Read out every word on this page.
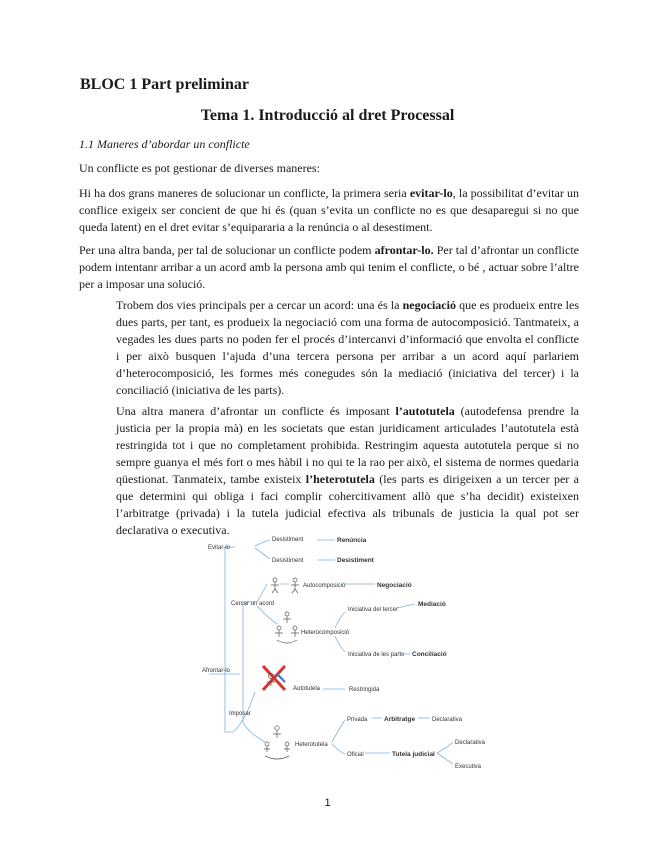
BLOC 1 Part preliminar
Tema 1. Introducció al dret Processal
1.1 Maneres d’abordar un conflicte
Un conflicte es pot gestionar de diverses maneres:
Hi ha dos grans maneres de solucionar un conflicte, la primera seria evitar-lo, la possibilitat d’evitar un conflice exigeix ser concient de que hi és (quan s’evita un conflicte no es que desaparegui si no que queda latent) en el dret evitar s’equipararia a la renúncia o al desestiment.
Per una altra banda, per tal de solucionar un conflicte podem afrontar-lo. Per tal d’afrontar un conflicte podem intentanr arribar a un acord amb la persona amb qui tenim el conflicte, o bé , actuar sobre l’altre per a imposar una solució.
Trobem dos vies principals per a cercar un acord: una és la negociació que es produeix entre les dues parts, per tant, es produeix la negociació com una forma de autocomposició. Tantmateix, a vegades les dues parts no poden fer el procés d’intercanvi d’informació que envolta el conflicte i per això busquen l’ajuda d’una tercera persona per arribar a un acord aquí parlariem d’heterocomposició, les formes més conegudes són la mediació (iniciativa del tercer) i la conciliació (iniciativa de les parts).
Una altra manera d’afrontar un conflicte és imposant l’autotutela (autodefensa prendre la justicia per la propia mà) en les societats que estan juridicament articulades l’autotutela està restringida tot i que no completament prohibida. Restringim aquesta autotutela perque si no sempre guanya el més fort o mes hàbil i no qui te la rao per això, el sistema de normes quedaria qüestionat. Tanmateix, tambe existeix l’heterotutela (les parts es dirigeixen a un tercer per a que determini qui obliga i faci complir cohercitivament allò que s’ha decidit) existeixen l’arbitratge (privada) i la tutela judicial efectiva als tribunals de justicia la qual pot ser declarativa o executiva.
Evitar-lo
Desistiment	Renúncia
Desistiment	Desistiment
Cercar un acord
Autocomposició	Negociació
Iniciativa del tercer
Mediació
Heterocomposició
Iniciativa de les parts Conciliació
Afrontar-lo
Autotutela	Restringida
Imposar
Privada	Arbitratge	Declarativa
Heterotutela
Oficial	Tutela judicial
Declarativa
Executiva
1
